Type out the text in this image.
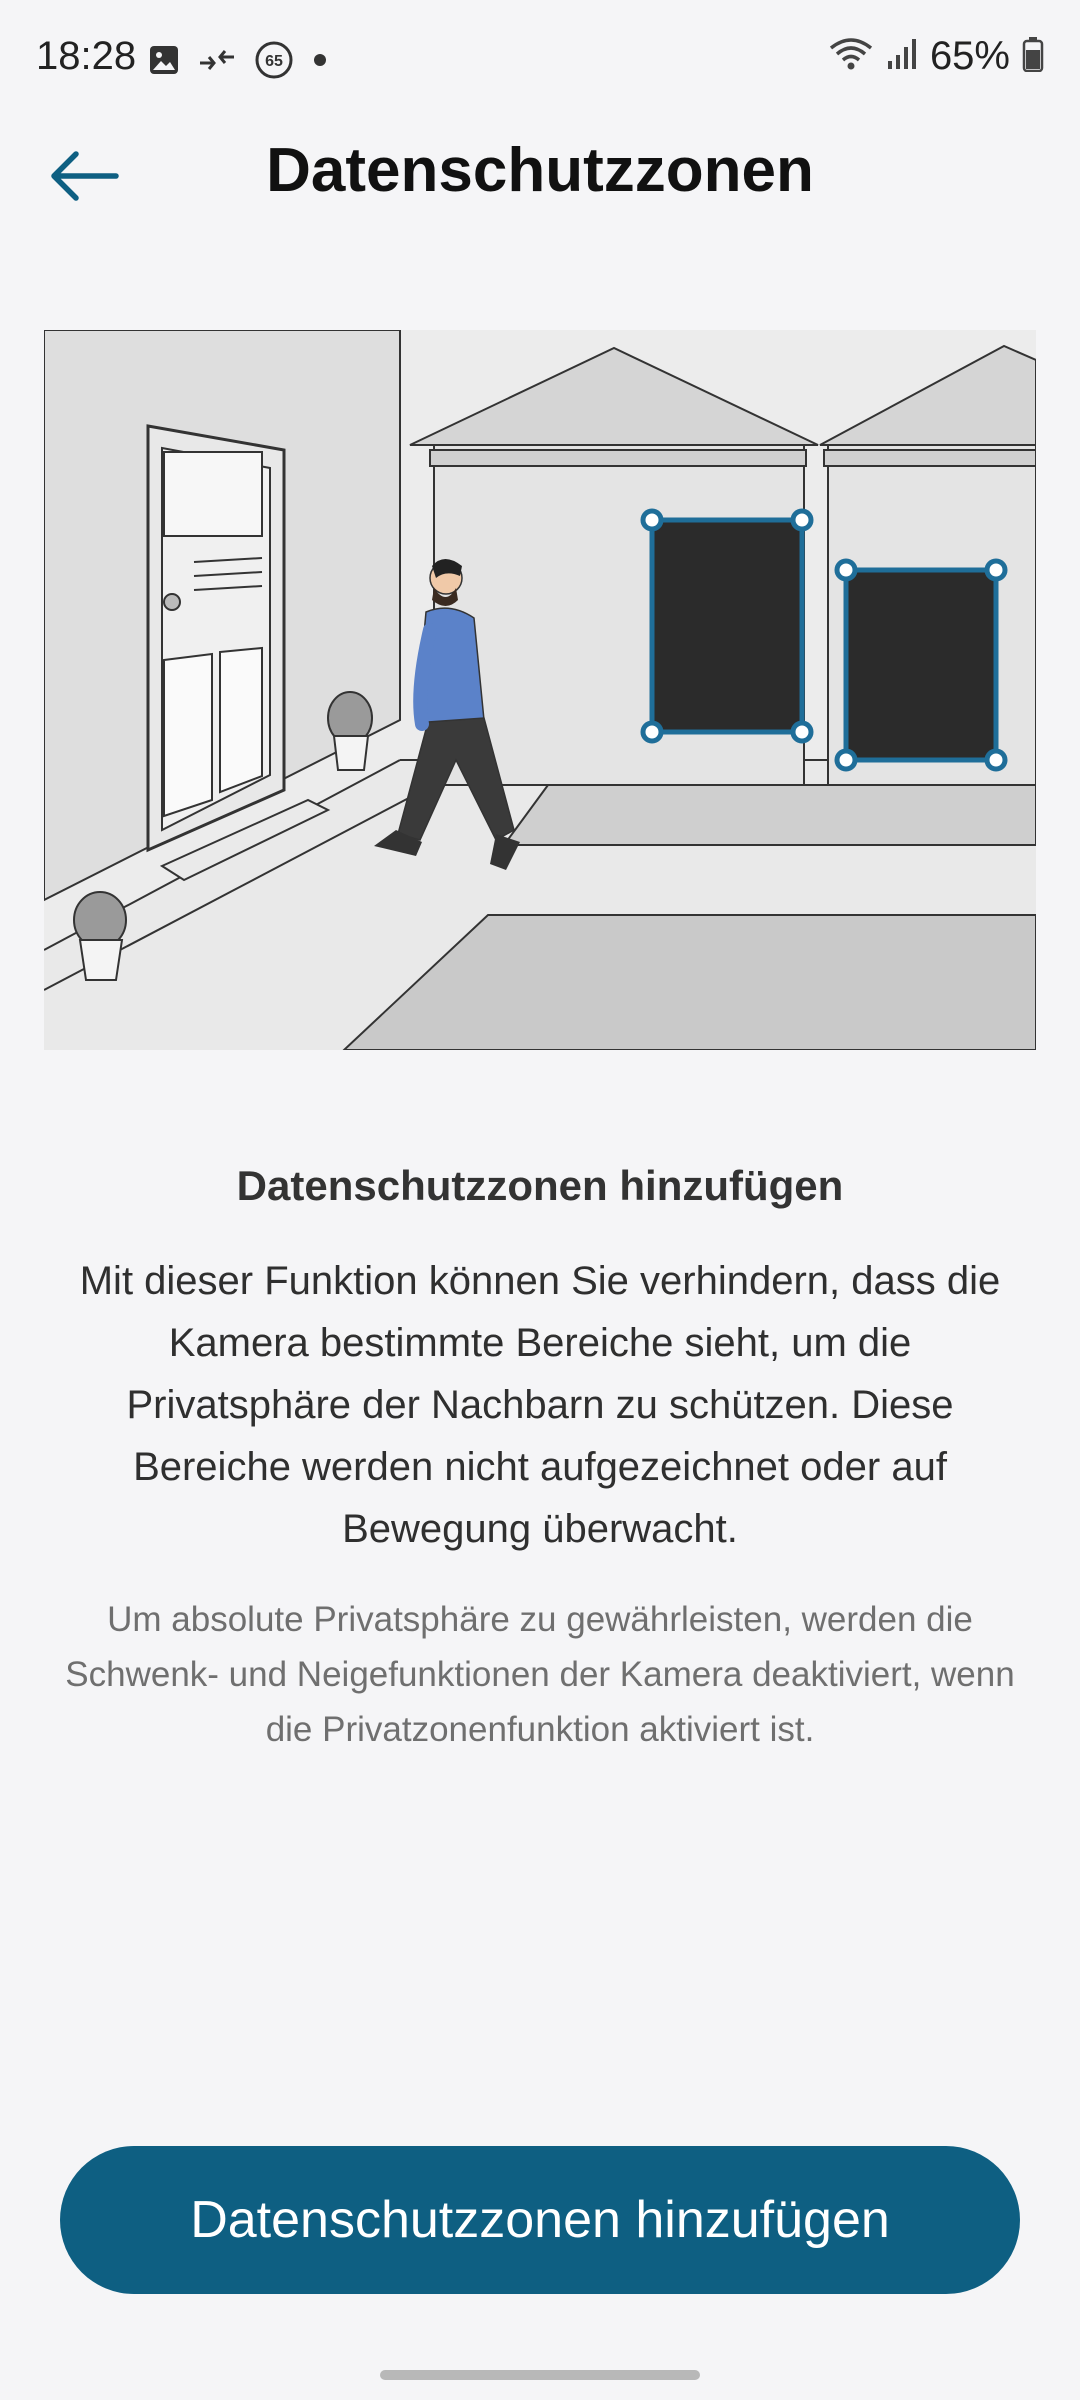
18:28	65	65%
Datenschutzzonen
Datenschutzzonen hinzufügen
Mit dieser Funktion können Sie verhindern, dass die Kamera bestimmte Bereiche sieht, um die Privatsphäre der Nachbarn zu schützen. Diese Bereiche werden nicht aufgezeichnet oder auf Bewegung überwacht.
Um absolute Privatsphäre zu gewährleisten, werden die Schwenk- und Neigefunktionen der Kamera deaktiviert, wenn die Privatzonenfunktion aktiviert ist.
Datenschutzzonen hinzufügen
